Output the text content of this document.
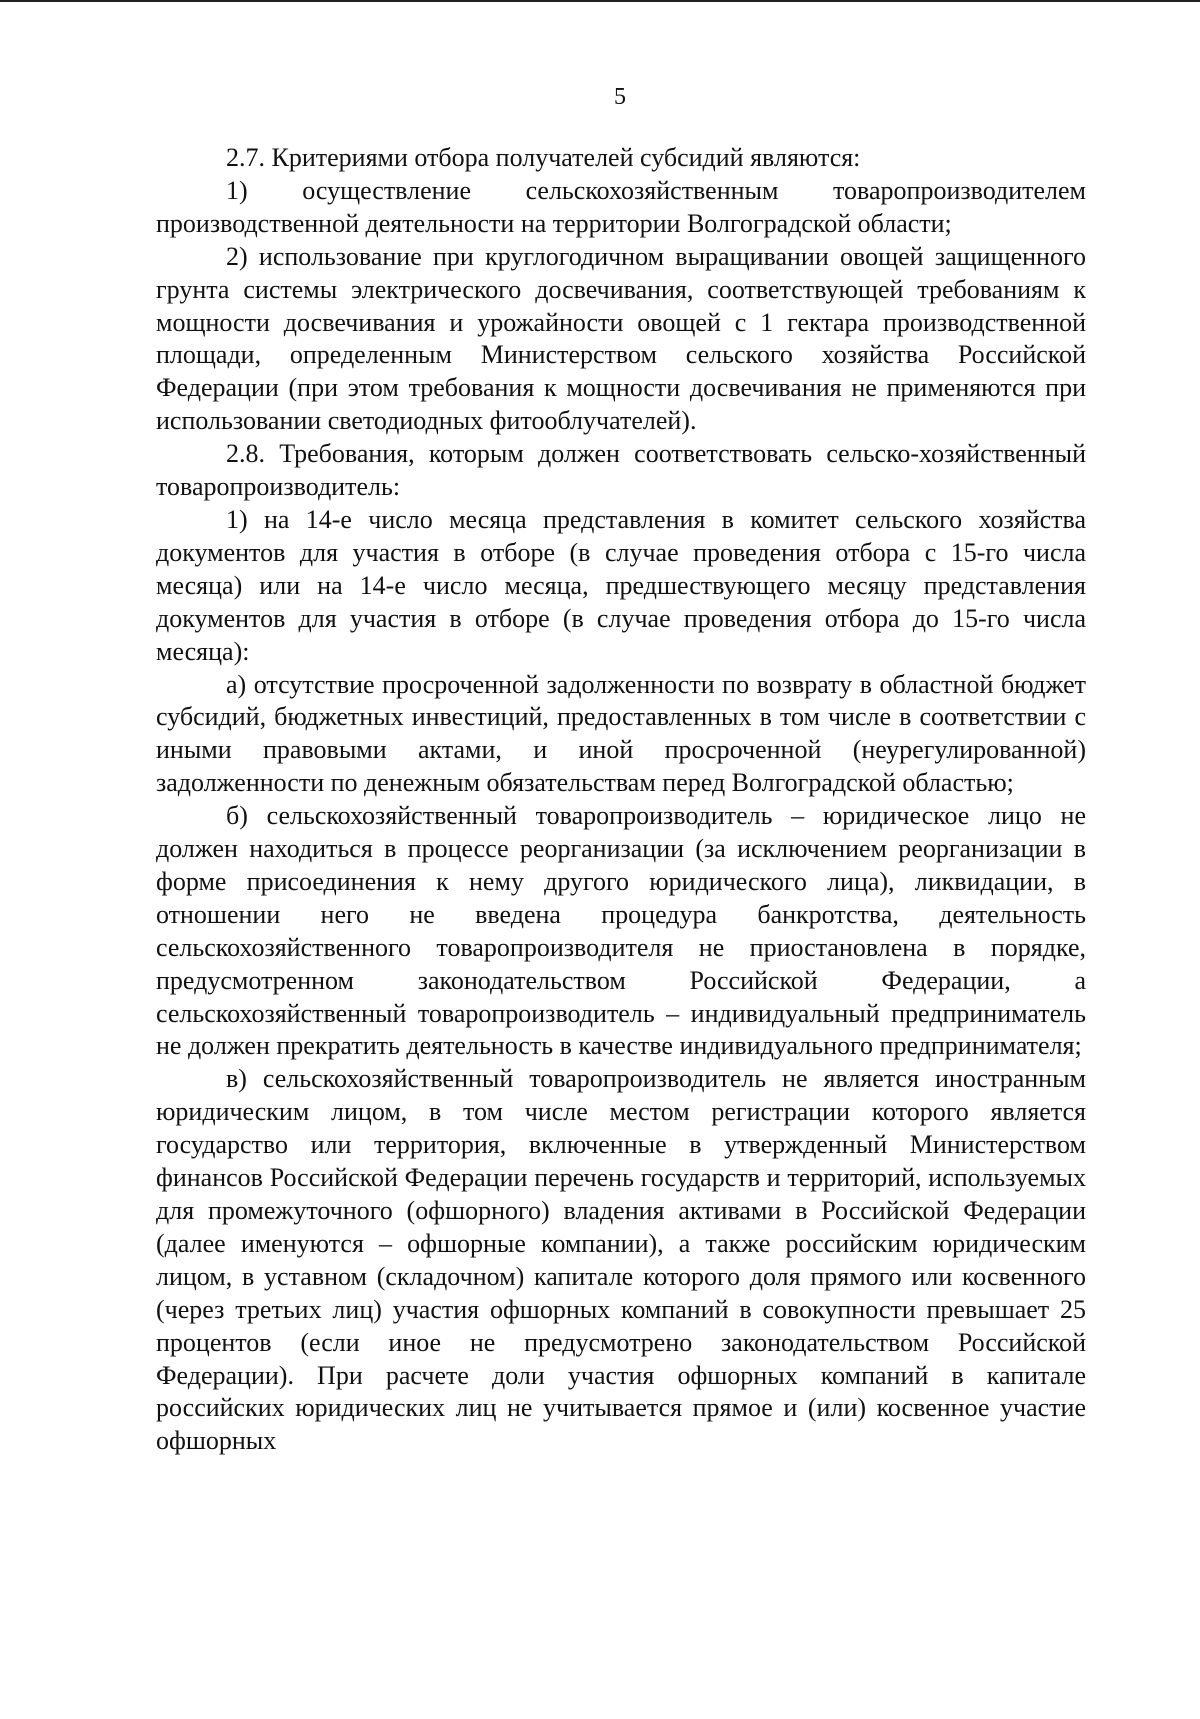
5

2.7. Критериями отбора получателей субсидий являются:

1) осуществление сельскохозяйственным товаропроизводителем производственной деятельности на территории Волгоградской области;

2) использование при круглогодичном выращивании овощей защищенного грунта системы электрического досвечивания, соответствующей требованиям к мощности досвечивания и урожайности овощей с 1 гектара производственной площади, определенным Министерством сельского хозяйства Российской Федерации (при этом требования к мощности досвечивания не применяются при использовании светодиодных фитооблучателей).

2.8. Требования, которым должен соответствовать сельско-хозяйственный товаропроизводитель:

1) на 14-е число месяца представления в комитет сельского хозяйства документов для участия в отборе (в случае проведения отбора с 15-го числа месяца) или на 14-е число месяца, предшествующего месяцу представления документов для участия в отборе (в случае проведения отбора до 15-го числа месяца):

а) отсутствие просроченной задолженности по возврату в областной бюджет субсидий, бюджетных инвестиций, предоставленных в том числе в соответствии с иными правовыми актами, и иной просроченной (неурегулированной) задолженности по денежным обязательствам перед Волгоградской областью;

б) сельскохозяйственный товаропроизводитель – юридическое лицо не должен находиться в процессе реорганизации (за исключением реорганизации в форме присоединения к нему другого юридического лица), ликвидации, в отношении него не введена процедура банкротства, деятельность сельскохозяйственного товаропроизводителя не приостановлена в порядке, предусмотренном законодательством Российской Федерации, а сельскохозяйственный товаропроизводитель – индивидуальный предприниматель не должен прекратить деятельность в качестве индивидуального предпринимателя;

в) сельскохозяйственный товаропроизводитель не является иностранным юридическим лицом, в том числе местом регистрации которого является государство или территория, включенные в утвержденный Министерством финансов Российской Федерации перечень государств и территорий, используемых для промежуточного (офшорного) владения активами в Российской Федерации (далее именуются – офшорные компании), а также российским юридическим лицом, в уставном (складочном) капитале которого доля прямого или косвенного (через третьих лиц) участия офшорных компаний в совокупности превышает 25 процентов (если иное не предусмотрено законодательством Российской Федерации). При расчете доли участия офшорных компаний в капитале российских юридических лиц не учитывается прямое и (или) косвенное участие офшорных
